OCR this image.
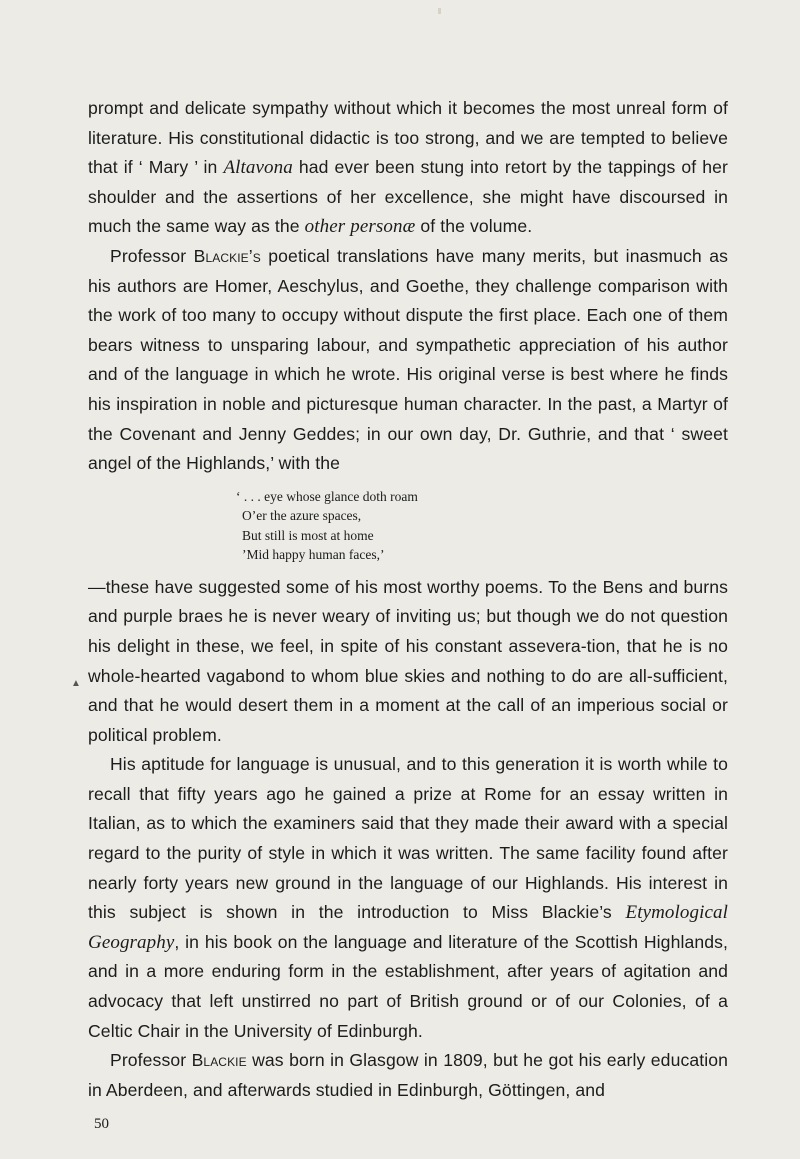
▲

prompt and delicate sympathy without which it becomes the most unreal form of literature. His constitutional didactic is too strong, and we are tempted to believe that if ‘ Mary ’ in Altavona had ever been stung into retort by the tappings of her shoulder and the assertions of her excellence, she might have discoursed in much the same way as the other personæ of the volume.

Professor Blackie’s poetical translations have many merits, but inasmuch as his authors are Homer, Aeschylus, and Goethe, they challenge comparison with the work of too many to occupy without dispute the first place. Each one of them bears witness to unsparing labour, and sympathetic appreciation of his author and of the language in which he wrote. His original verse is best where he finds his inspiration in noble and picturesque human character. In the past, a Martyr of the Covenant and Jenny Geddes; in our own day, Dr. Guthrie, and that ‘ sweet angel of the Highlands,’ with the

‘ . . . eye whose glance doth roam
O’er the azure spaces,
But still is most at home
’Mid happy human faces,’

—these have suggested some of his most worthy poems. To the Bens and burns and purple braes he is never weary of inviting us; but though we do not question his delight in these, we feel, in spite of his constant assevera-tion, that he is no whole-hearted vagabond to whom blue skies and nothing to do are all-sufficient, and that he would desert them in a moment at the call of an imperious social or political problem.

His aptitude for language is unusual, and to this generation it is worth while to recall that fifty years ago he gained a prize at Rome for an essay written in Italian, as to which the examiners said that they made their award with a special regard to the purity of style in which it was written. The same facility found after nearly forty years new ground in the language of our Highlands. His interest in this subject is shown in the introduction to Miss Blackie’s Etymological Geography, in his book on the language and literature of the Scottish Highlands, and in a more enduring form in the establishment, after years of agitation and advocacy that left unstirred no part of British ground or of our Colonies, of a Celtic Chair in the University of Edinburgh.

Professor Blackie was born in Glasgow in 1809, but he got his early education in Aberdeen, and afterwards studied in Edinburgh, Göttingen, and

50
